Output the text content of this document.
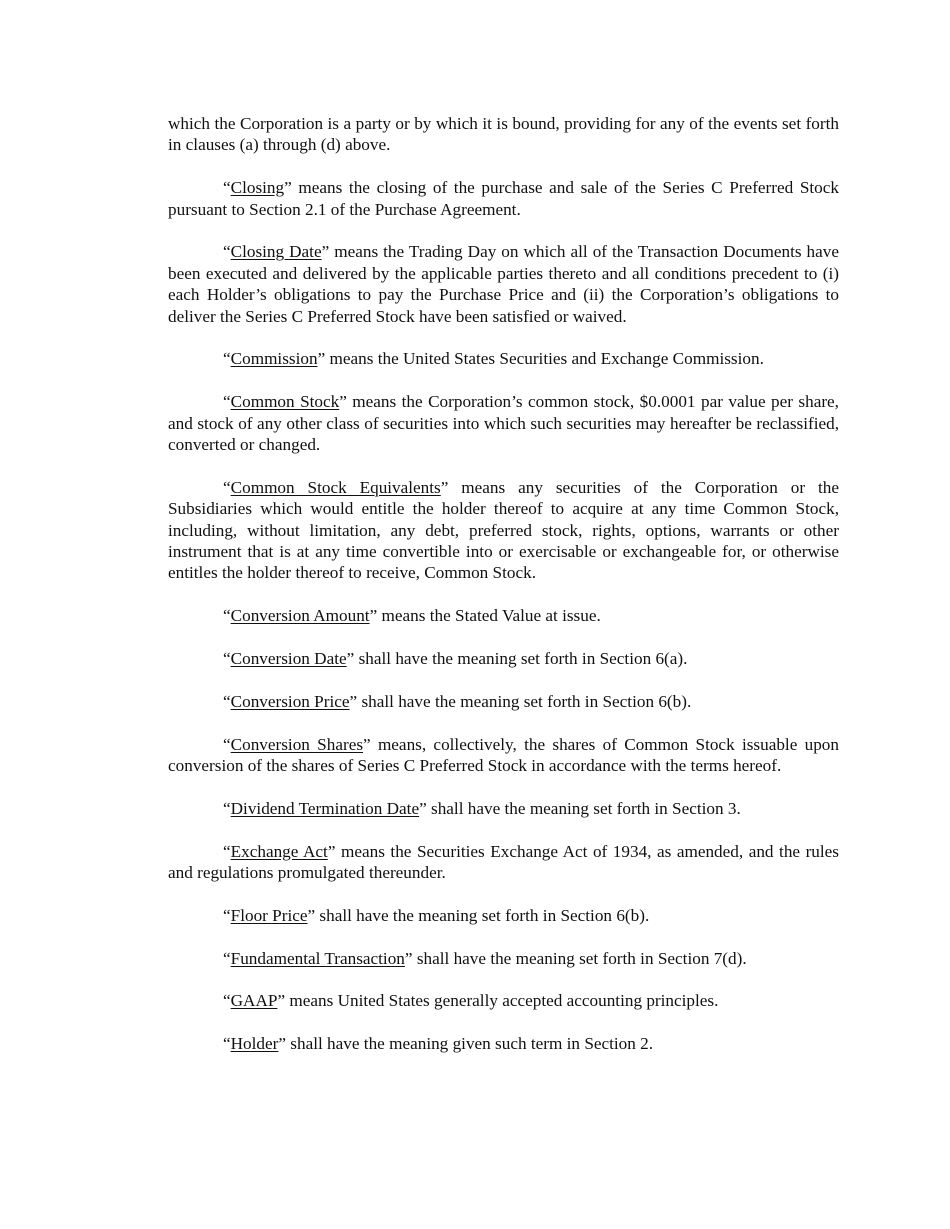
which the Corporation is a party or by which it is bound, providing for any of the events set forth in clauses (a) through (d) above.

“Closing” means the closing of the purchase and sale of the Series C Preferred Stock pursuant to Section 2.1 of the Purchase Agreement.

“Closing Date” means the Trading Day on which all of the Transaction Documents have been executed and delivered by the applicable parties thereto and all conditions precedent to (i) each Holder’s obligations to pay the Purchase Price and (ii) the Corporation’s obligations to deliver the Series C Preferred Stock have been satisfied or waived.

“Commission” means the United States Securities and Exchange Commission.

“Common Stock” means the Corporation’s common stock, $0.0001 par value per share, and stock of any other class of securities into which such securities may hereafter be reclassified, converted or changed.

“Common Stock Equivalents” means any securities of the Corporation or the Subsidiaries which would entitle the holder thereof to acquire at any time Common Stock, including, without limitation, any debt, preferred stock, rights, options, warrants or other instrument that is at any time convertible into or exercisable or exchangeable for, or otherwise entitles the holder thereof to receive, Common Stock.

“Conversion Amount” means the Stated Value at issue.

“Conversion Date” shall have the meaning set forth in Section 6(a).

“Conversion Price” shall have the meaning set forth in Section 6(b).

“Conversion Shares” means, collectively, the shares of Common Stock issuable upon conversion of the shares of Series C Preferred Stock in accordance with the terms hereof.

“Dividend Termination Date” shall have the meaning set forth in Section 3.

“Exchange Act” means the Securities Exchange Act of 1934, as amended, and the rules and regulations promulgated thereunder.

“Floor Price” shall have the meaning set forth in Section 6(b).

“Fundamental Transaction” shall have the meaning set forth in Section 7(d).

“GAAP” means United States generally accepted accounting principles.

“Holder” shall have the meaning given such term in Section 2.
